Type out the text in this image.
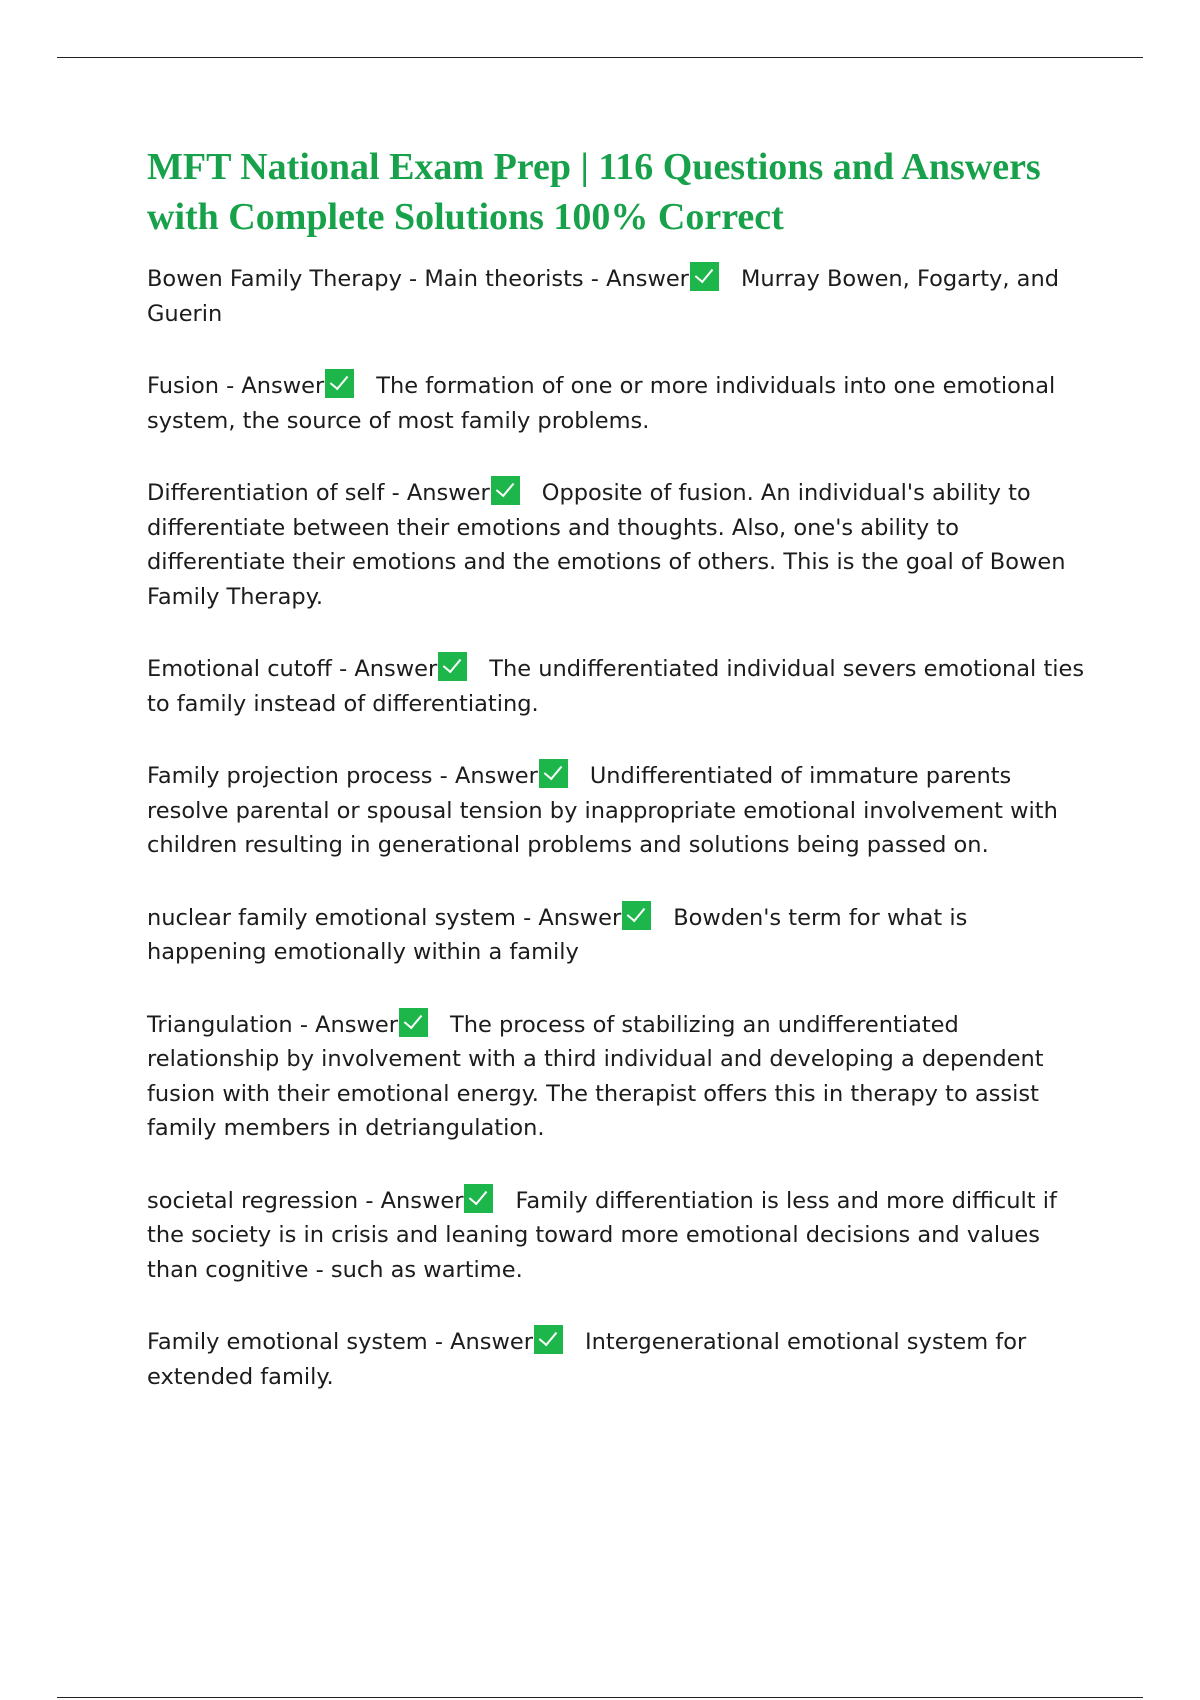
MFT National Exam Prep | 116 Questions and Answers with Complete Solutions 100% Correct

Bowen Family Therapy - Main theorists - Answer Murray Bowen, Fogarty, and Guerin

Fusion - Answer The formation of one or more individuals into one emotional system, the source of most family problems.

Differentiation of self - Answer Opposite of fusion. An individual's ability to differentiate between their emotions and thoughts. Also, one's ability to differentiate their emotions and the emotions of others. This is the goal of Bowen Family Therapy.

Emotional cutoff - Answer The undifferentiated individual severs emotional ties to family instead of differentiating.

Family projection process - Answer Undifferentiated of immature parents resolve parental or spousal tension by inappropriate emotional involvement with children resulting in generational problems and solutions being passed on.

nuclear family emotional system - Answer Bowden's term for what is happening emotionally within a family

Triangulation - Answer The process of stabilizing an undifferentiated relationship by involvement with a third individual and developing a dependent fusion with their emotional energy. The therapist offers this in therapy to assist family members in detriangulation.

societal regression - Answer Family differentiation is less and more difficult if the society is in crisis and leaning toward more emotional decisions and values than cognitive - such as wartime.

Family emotional system - Answer Intergenerational emotional system for extended family.
